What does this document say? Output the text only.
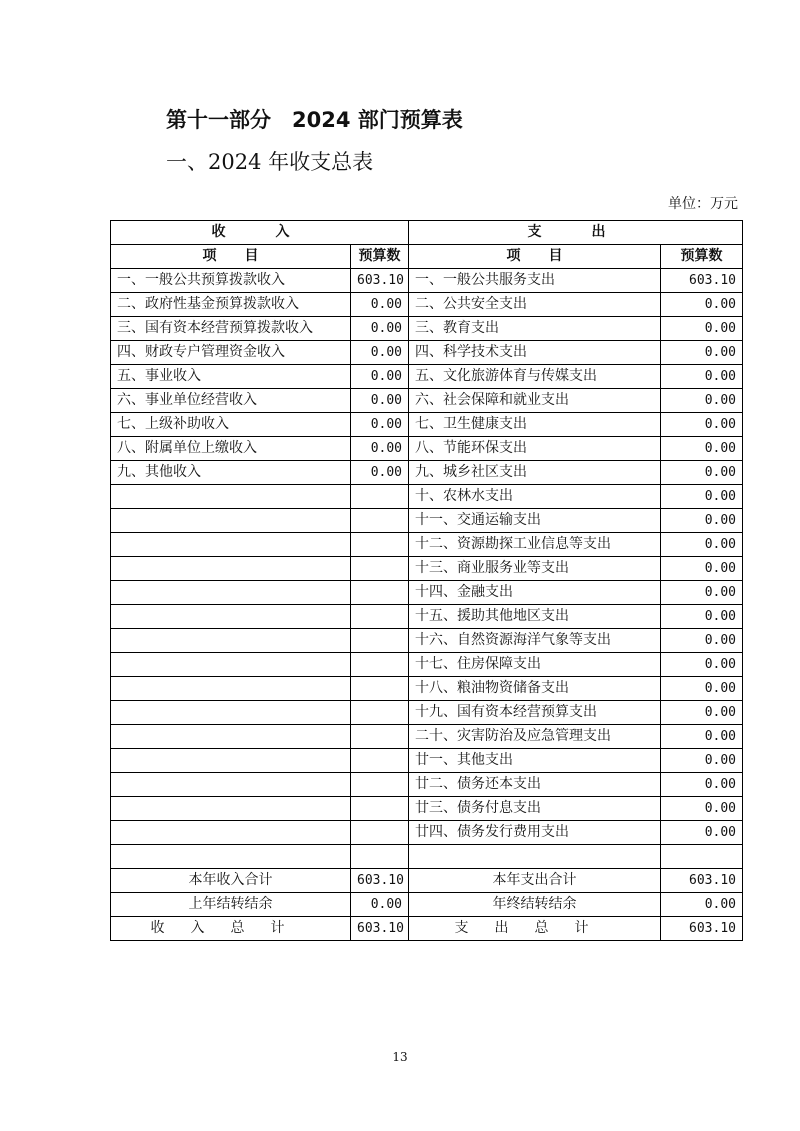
第十一部分　2024 部门预算表
一、2024 年收支总表
单位：万元
收　入		支　出	
项　　目	预算数	项　　目	预算数
一、一般公共预算拨款收入	603.10	一、一般公共服务支出	603.10
二、政府性基金预算拨款收入	0.00	二、公共安全支出	0.00
三、国有资本经营预算拨款收入	0.00	三、教育支出	0.00
四、财政专户管理资金收入	0.00	四、科学技术支出	0.00
五、事业收入	0.00	五、文化旅游体育与传媒支出	0.00
六、事业单位经营收入	0.00	六、社会保障和就业支出	0.00
七、上级补助收入	0.00	七、卫生健康支出	0.00
八、附属单位上缴收入	0.00	八、节能环保支出	0.00
九、其他收入	0.00	九、城乡社区支出	0.00
		十、农林水支出	0.00
		十一、交通运输支出	0.00
		十二、资源勘探工业信息等支出	0.00
		十三、商业服务业等支出	0.00
		十四、金融支出	0.00
		十五、援助其他地区支出	0.00
		十六、自然资源海洋气象等支出	0.00
		十七、住房保障支出	0.00
		十八、粮油物资储备支出	0.00
		十九、国有资本经营预算支出	0.00
		二十、灾害防治及应急管理支出	0.00
		廿一、其他支出	0.00
		廿二、债务还本支出	0.00
		廿三、债务付息支出	0.00
		廿四、债务发行费用支出	0.00

本年收入合计	603.10	本年支出合计	603.10
上年结转结余	0.00	年终结转结余	0.00
收入总计	603.10	支出总计	603.10
13
